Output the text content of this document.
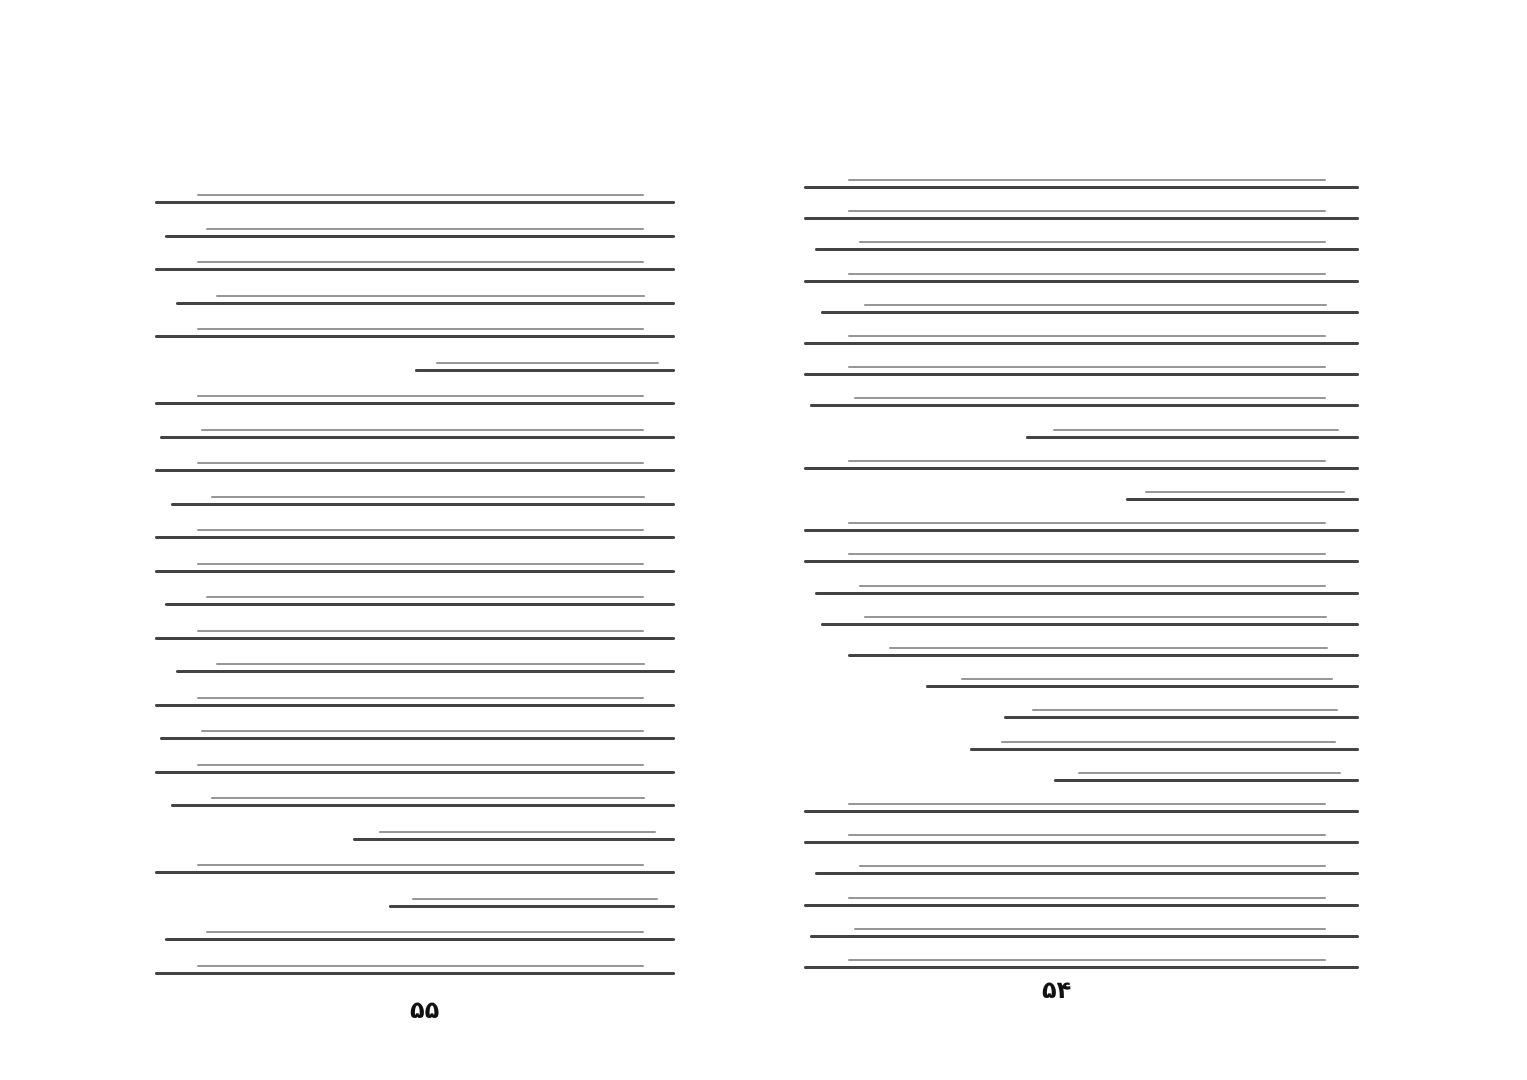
۵۵
۵۴
